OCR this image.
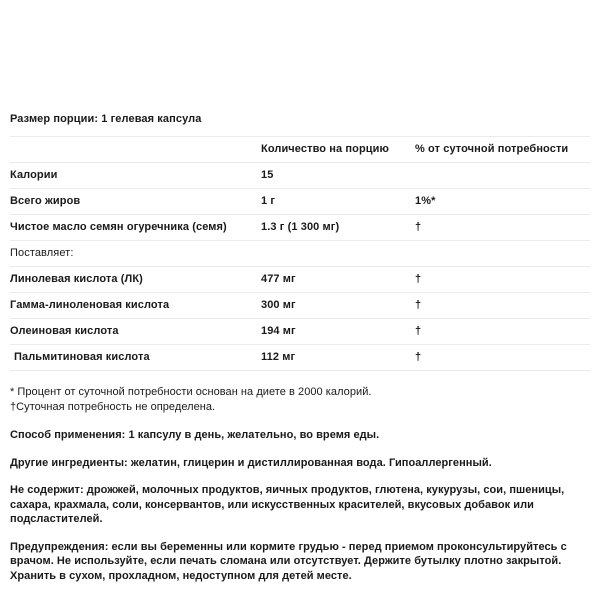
Размер порции: 1 гелевая капсула

	Количество на порцию	% от суточной потребности
Калории	15	
Всего жиров	1 г	1%*
Чистое масло семян огуречника (семя)	1.3 г (1 300 мг)	†
Поставляет:		
Линолевая кислота (ЛК)	477 мг	†
Гамма-линоленовая кислота	300 мг	†
Олеиновая кислота	194 мг	†
Пальмитиновая кислота	112 мг	†

* Процент от суточной потребности основан на диете в 2000 калорий.

†Суточная потребность не определена.

Способ применения: 1 капсулу в день, желательно, во время еды.

Другие ингредиенты: желатин, глицерин и дистиллированная вода. Гипоаллергенный.

Не содержит: дрожжей, молочных продуктов, яичных продуктов, глютена, кукурузы, сои, пшеницы, сахара, крахмала, соли, консервантов, или искусственных красителей, вкусовых добавок или подсластителей.

Предупреждения: если вы беременны или кормите грудью - перед приемом проконсультируйтесь с врачом. Не используйте, если печать сломана или отсутствует. Держите бутылку плотно закрытой. Хранить в сухом, прохладном, недоступном для детей месте.
